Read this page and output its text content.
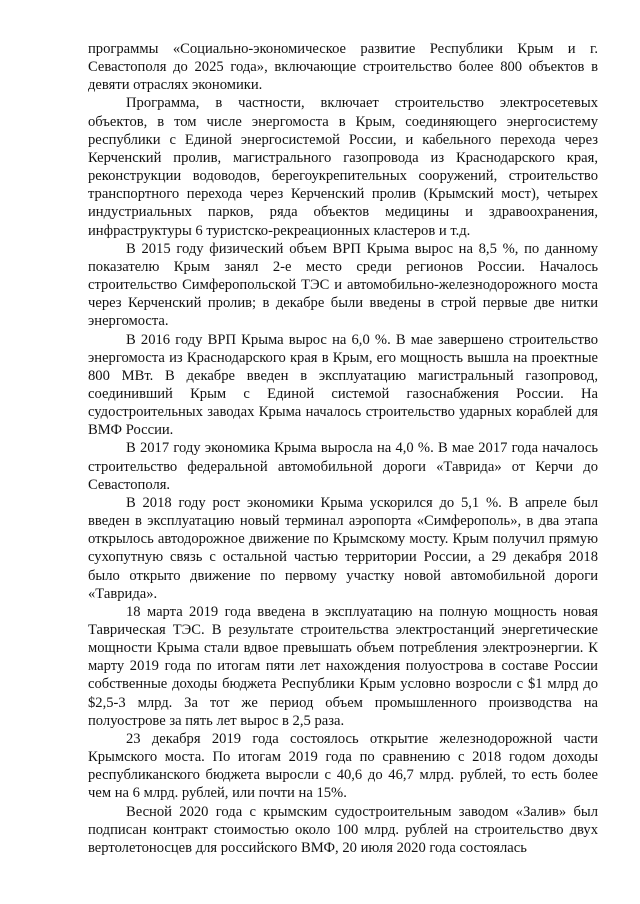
программы «Социально-экономическое развитие Республики Крым и г. Севастополя до 2025 года», включающие строительство более 800 объектов в девяти отраслях экономики.

Программа, в частности, включает строительство электросетевых объектов, в том числе энергомоста в Крым, соединяющего энергосистему республики с Единой энергосистемой России, и кабельного перехода через Керченский пролив, магистрального газопровода из Краснодарского края, реконструкции водоводов, берегоукрепительных сооружений, строительство транспортного перехода через Керченский пролив (Крымский мост), четырех индустриальных парков, ряда объектов медицины и здравоохранения, инфраструктуры 6 туристско-рекреационных кластеров и т.д.

В 2015 году физический объем ВРП Крыма вырос на 8,5 %, по данному показателю Крым занял 2-е место среди регионов России. Началось строительство Симферопольской ТЭС и автомобильно-железнодорожного моста через Керченский пролив; в декабре были введены в строй первые две нитки энергомоста.

В 2016 году ВРП Крыма вырос на 6,0 %. В мае завершено строительство энергомоста из Краснодарского края в Крым, его мощность вышла на проектные 800 МВт. В декабре введен в эксплуатацию магистральный газопровод, соединивший Крым с Единой системой газоснабжения России. На судостроительных заводах Крыма началось строительство ударных кораблей для ВМФ России.

В 2017 году экономика Крыма выросла на 4,0 %. В мае 2017 года началось строительство федеральной автомобильной дороги «Таврида» от Керчи до Севастополя.

В 2018 году рост экономики Крыма ускорился до 5,1 %. В апреле был введен в эксплуатацию новый терминал аэропорта «Симферополь», в два этапа открылось автодорожное движение по Крымскому мосту. Крым получил прямую сухопутную связь с остальной частью территории России, а 29 декабря 2018 было открыто движение по первому участку новой автомобильной дороги «Таврида».

18 марта 2019 года введена в эксплуатацию на полную мощность новая Таврическая ТЭС. В результате строительства электростанций энергетические мощности Крыма стали вдвое превышать объем потребления электроэнергии. К марту 2019 года по итогам пяти лет нахождения полуострова в составе России собственные доходы бюджета Республики Крым условно возросли с $1 млрд до $2,5-3 млрд. За тот же период объем промышленного производства на полуострове за пять лет вырос в 2,5 раза.

23 декабря 2019 года состоялось открытие железнодорожной части Крымского моста. По итогам 2019 года по сравнению с 2018 годом доходы республиканского бюджета выросли с 40,6 до 46,7 млрд. рублей, то есть более чем на 6 млрд. рублей, или почти на 15%.

Весной 2020 года с крымским судостроительным заводом «Залив» был подписан контракт стоимостью около 100 млрд. рублей на строительство двух вертолетоносцев для российского ВМФ, 20 июля 2020 года состоялась
